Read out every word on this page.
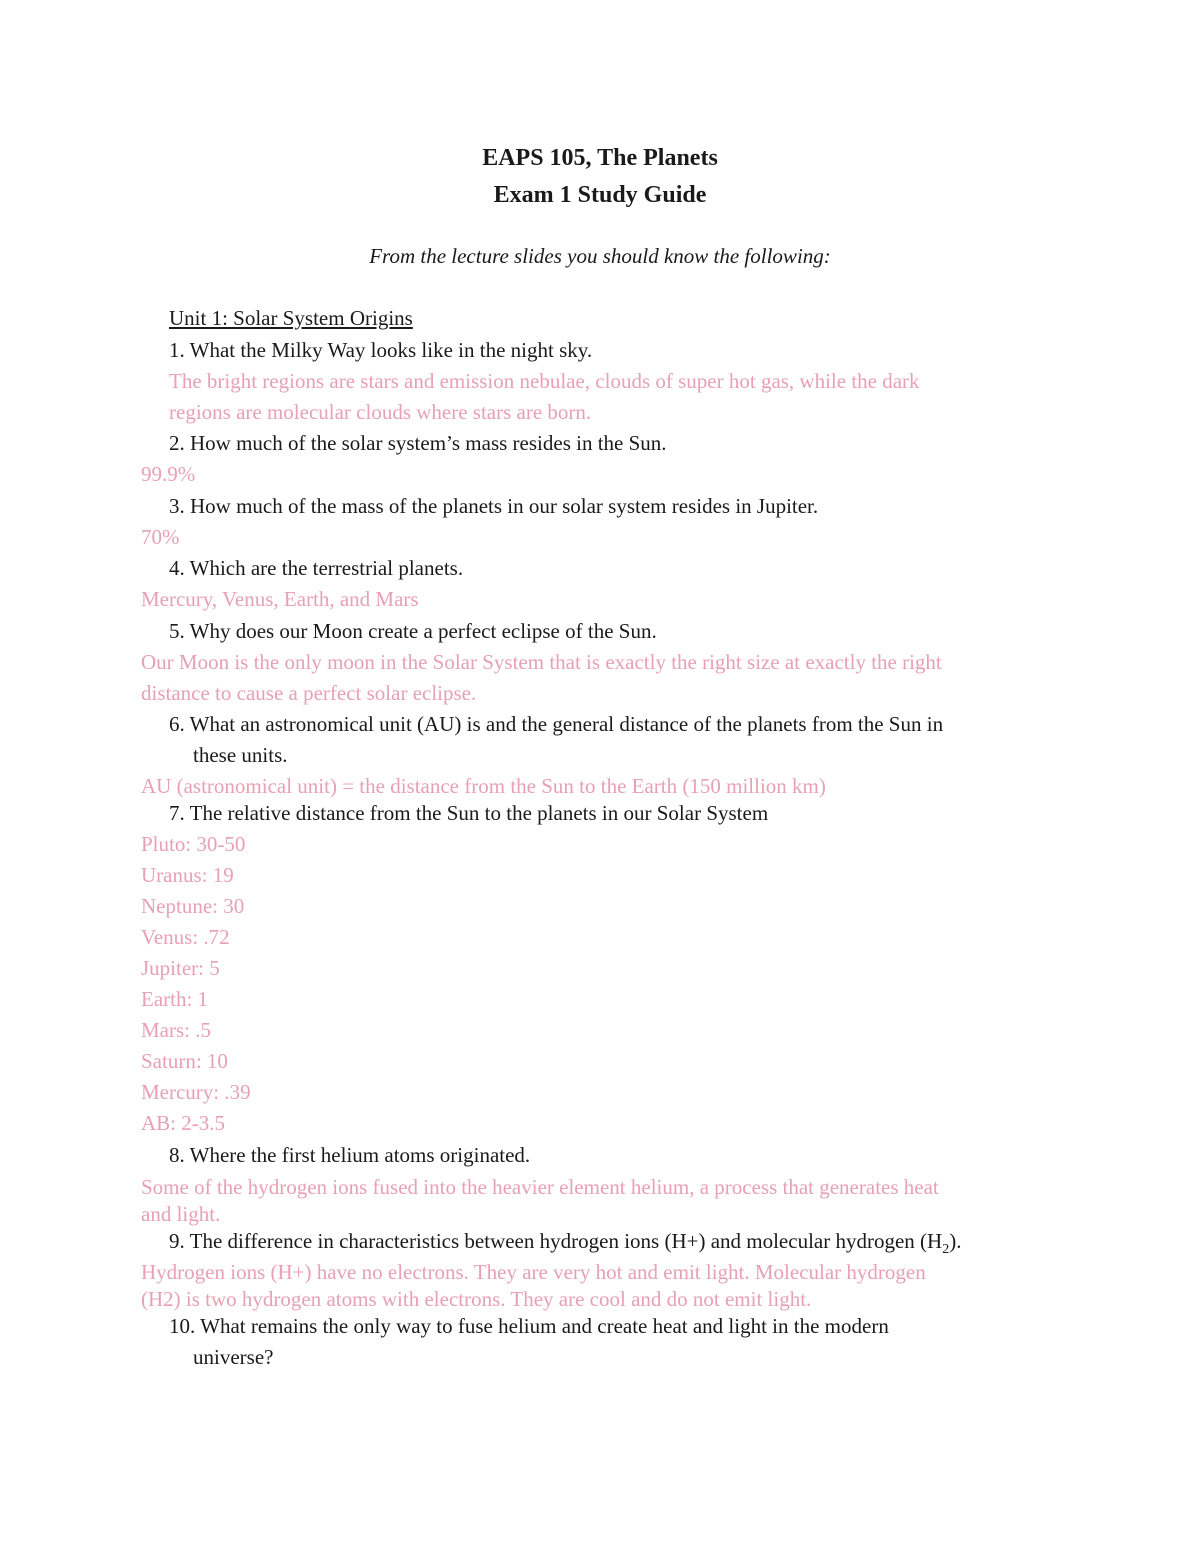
EAPS 105, The Planets
Exam 1 Study Guide
From the lecture slides you should know the following:
Unit 1: Solar System Origins
1. What the Milky Way looks like in the night sky.
The bright regions are stars and emission nebulae, clouds of super hot gas, while the dark
regions are molecular clouds where stars are born.
2. How much of the solar system’s mass resides in the Sun.
99.9%
3. How much of the mass of the planets in our solar system resides in Jupiter.
70%
4. Which are the terrestrial planets.
Mercury, Venus, Earth, and Mars
5. Why does our Moon create a perfect eclipse of the Sun.
Our Moon is the only moon in the Solar System that is exactly the right size at exactly the right
distance to cause a perfect solar eclipse.
6. What an astronomical unit (AU) is and the general distance of the planets from the Sun in
these units.
AU (astronomical unit) = the distance from the Sun to the Earth (150 million km)
7. The relative distance from the Sun to the planets in our Solar System
Pluto: 30-50
Uranus: 19
Neptune: 30
Venus: .72
Jupiter: 5
Earth: 1
Mars: .5
Saturn: 10
Mercury: .39
AB: 2-3.5
8. Where the first helium atoms originated.
Some of the hydrogen ions fused into the heavier element helium, a process that generates heat
and light.
9. The difference in characteristics between hydrogen ions (H+) and molecular hydrogen $(H_2)$.
Hydrogen ions (H+) have no electrons. They are very hot and emit light. Molecular hydrogen
(H2) is two hydrogen atoms with electrons. They are cool and do not emit light.
10. What remains the only way to fuse helium and create heat and light in the modern
universe?
